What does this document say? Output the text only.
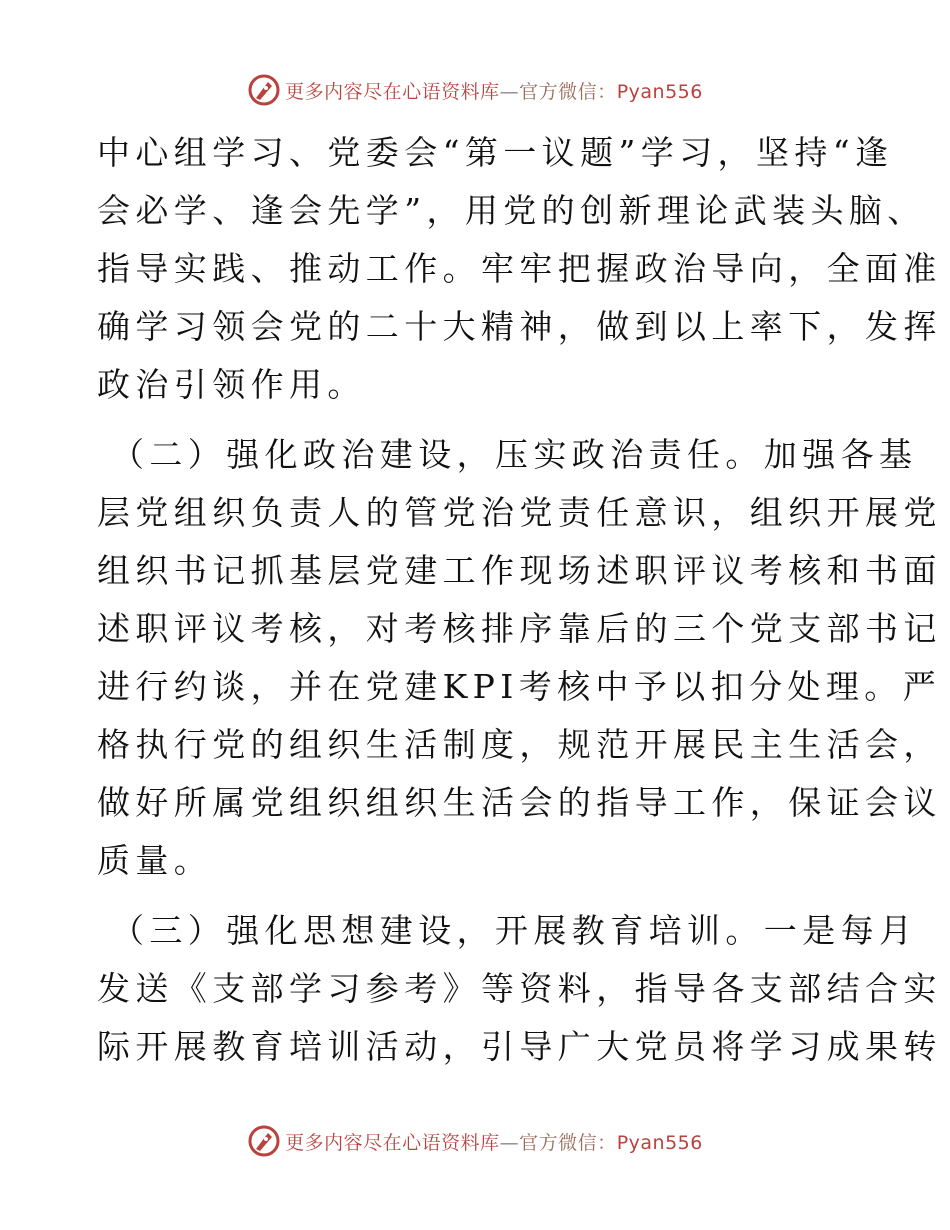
更多内容尽在心语资料库—官方微信：Pyan556
中心组学习、党委会“第一议题”学习，坚持“逢
会必学、逢会先学”，用党的创新理论武装头脑、
指导实践、推动工作。牢牢把握政治导向，全面准
确学习领会党的二十大精神，做到以上率下，发挥
政治引领作用。
（二）强化政治建设，压实政治责任。加强各基
层党组织负责人的管党治党责任意识，组织开展党
组织书记抓基层党建工作现场述职评议考核和书面
述职评议考核，对考核排序靠后的三个党支部书记
进行约谈，并在党建KPI考核中予以扣分处理。严
格执行党的组织生活制度，规范开展民主生活会，
做好所属党组织组织生活会的指导工作，保证会议
质量。
（三）强化思想建设，开展教育培训。一是每月
发送《支部学习参考》等资料，指导各支部结合实
际开展教育培训活动，引导广大党员将学习成果转
更多内容尽在心语资料库—官方微信：Pyan556
